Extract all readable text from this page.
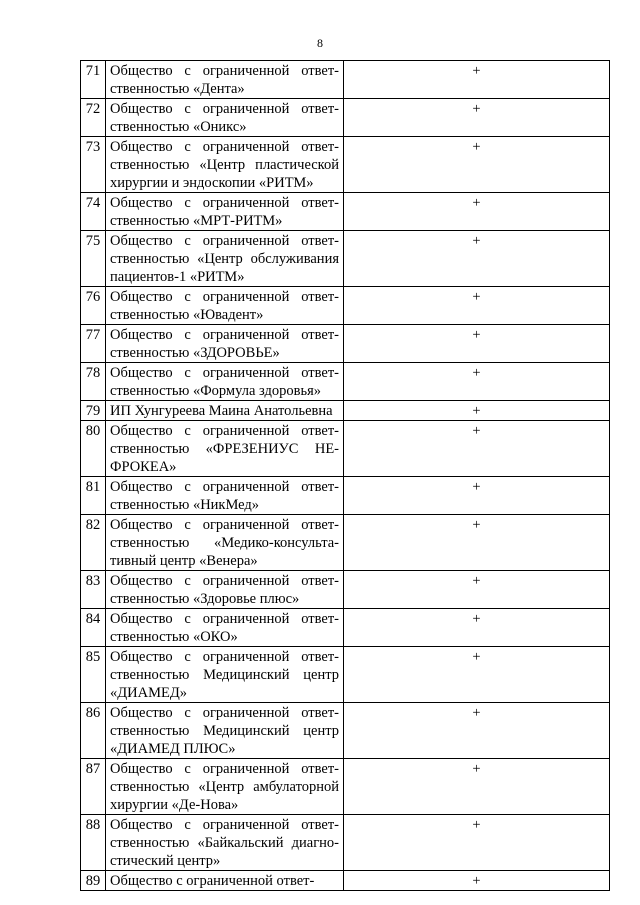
8
71	Общество с ограниченной ответ-
ственностью «Дента»	+
72	Общество с ограниченной ответ-
ственностью «Оникс»	+
73	Общество с ограниченной ответ-
ственностью «Центр пластической
хирургии и эндоскопии «РИТМ»	+
74	Общество с ограниченной ответ-
ственностью «МРТ-РИТМ»	+
75	Общество с ограниченной ответ-
ственностью «Центр обслуживания
пациентов-1 «РИТМ»	+
76	Общество с ограниченной ответ-
ственностью «Ювадент»	+
77	Общество с ограниченной ответ-
ственностью «ЗДОРОВЬЕ»	+
78	Общество с ограниченной ответ-
ственностью «Формула здоровья»	+
79	ИП Хунгуреева Маина Анатольевна	+
80	Общество с ограниченной ответ-
ственностью «ФРЕЗЕНИУС НЕ-
ФРОКЕА»	+
81	Общество с ограниченной ответ-
ственностью «НикМед»	+
82	Общество с ограниченной ответ-
ственностью «Медико-консульта-
тивный центр «Венера»	+
83	Общество с ограниченной ответ-
ственностью «Здоровье плюс»	+
84	Общество с ограниченной ответ-
ственностью «ОКО»	+
85	Общество с ограниченной ответ-
ственностью Медицинский центр
«ДИАМЕД»	+
86	Общество с ограниченной ответ-
ственностью Медицинский центр
«ДИАМЕД ПЛЮС»	+
87	Общество с ограниченной ответ-
ственностью «Центр амбулаторной
хирургии «Де-Нова»	+
88	Общество с ограниченной ответ-
ственностью «Байкальский диагно-
стический центр»	+
89	Общество с ограниченной ответ-	+
